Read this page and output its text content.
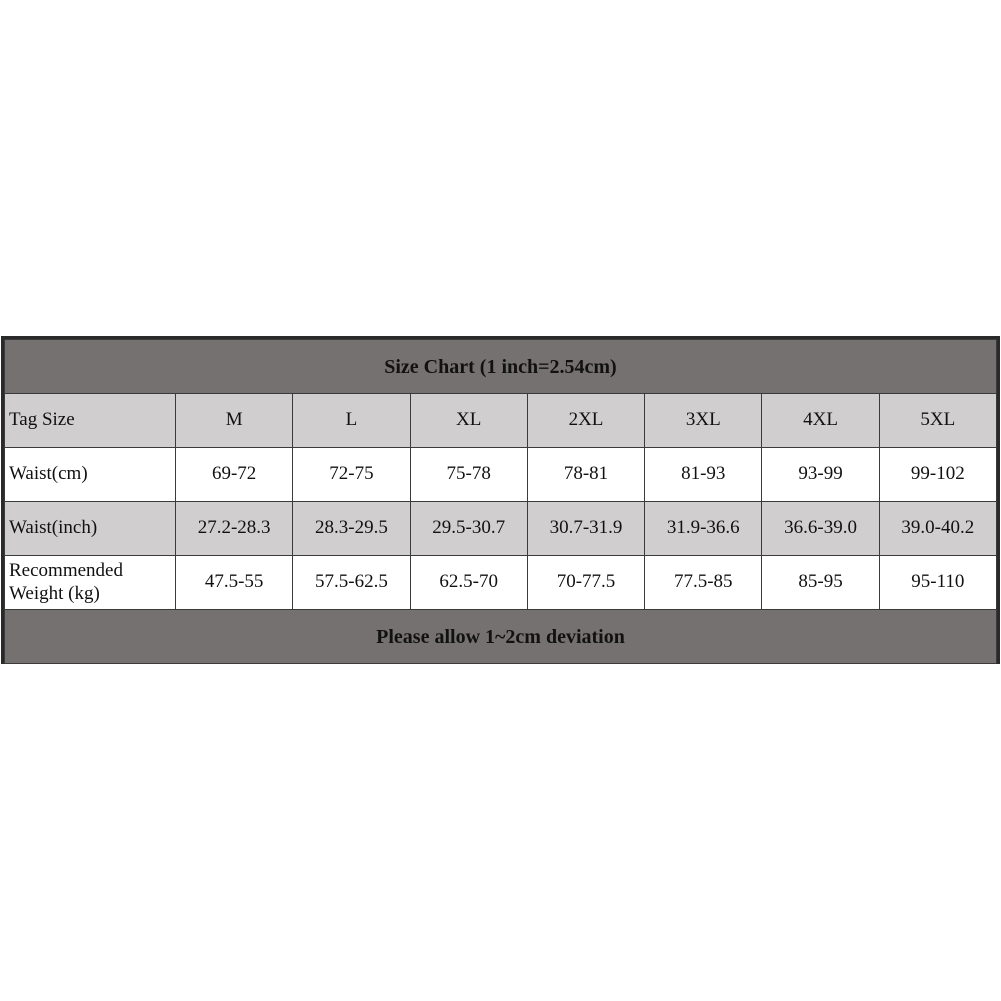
Size Chart (1 inch=2.54cm)							
Tag Size	M	L	XL	2XL	3XL	4XL	5XL
Waist(cm)	69-72	72-75	75-78	78-81	81-93	93-99	99-102
Waist(inch)	27.2-28.3	28.3-29.5	29.5-30.7	30.7-31.9	31.9-36.6	36.6-39.0	39.0-40.2

Recommended
Weight (kg)	47.5-55	57.5-62.5	62.5-70	70-77.5	77.5-85	85-95	95-110
Please allow 1~2cm deviation							
